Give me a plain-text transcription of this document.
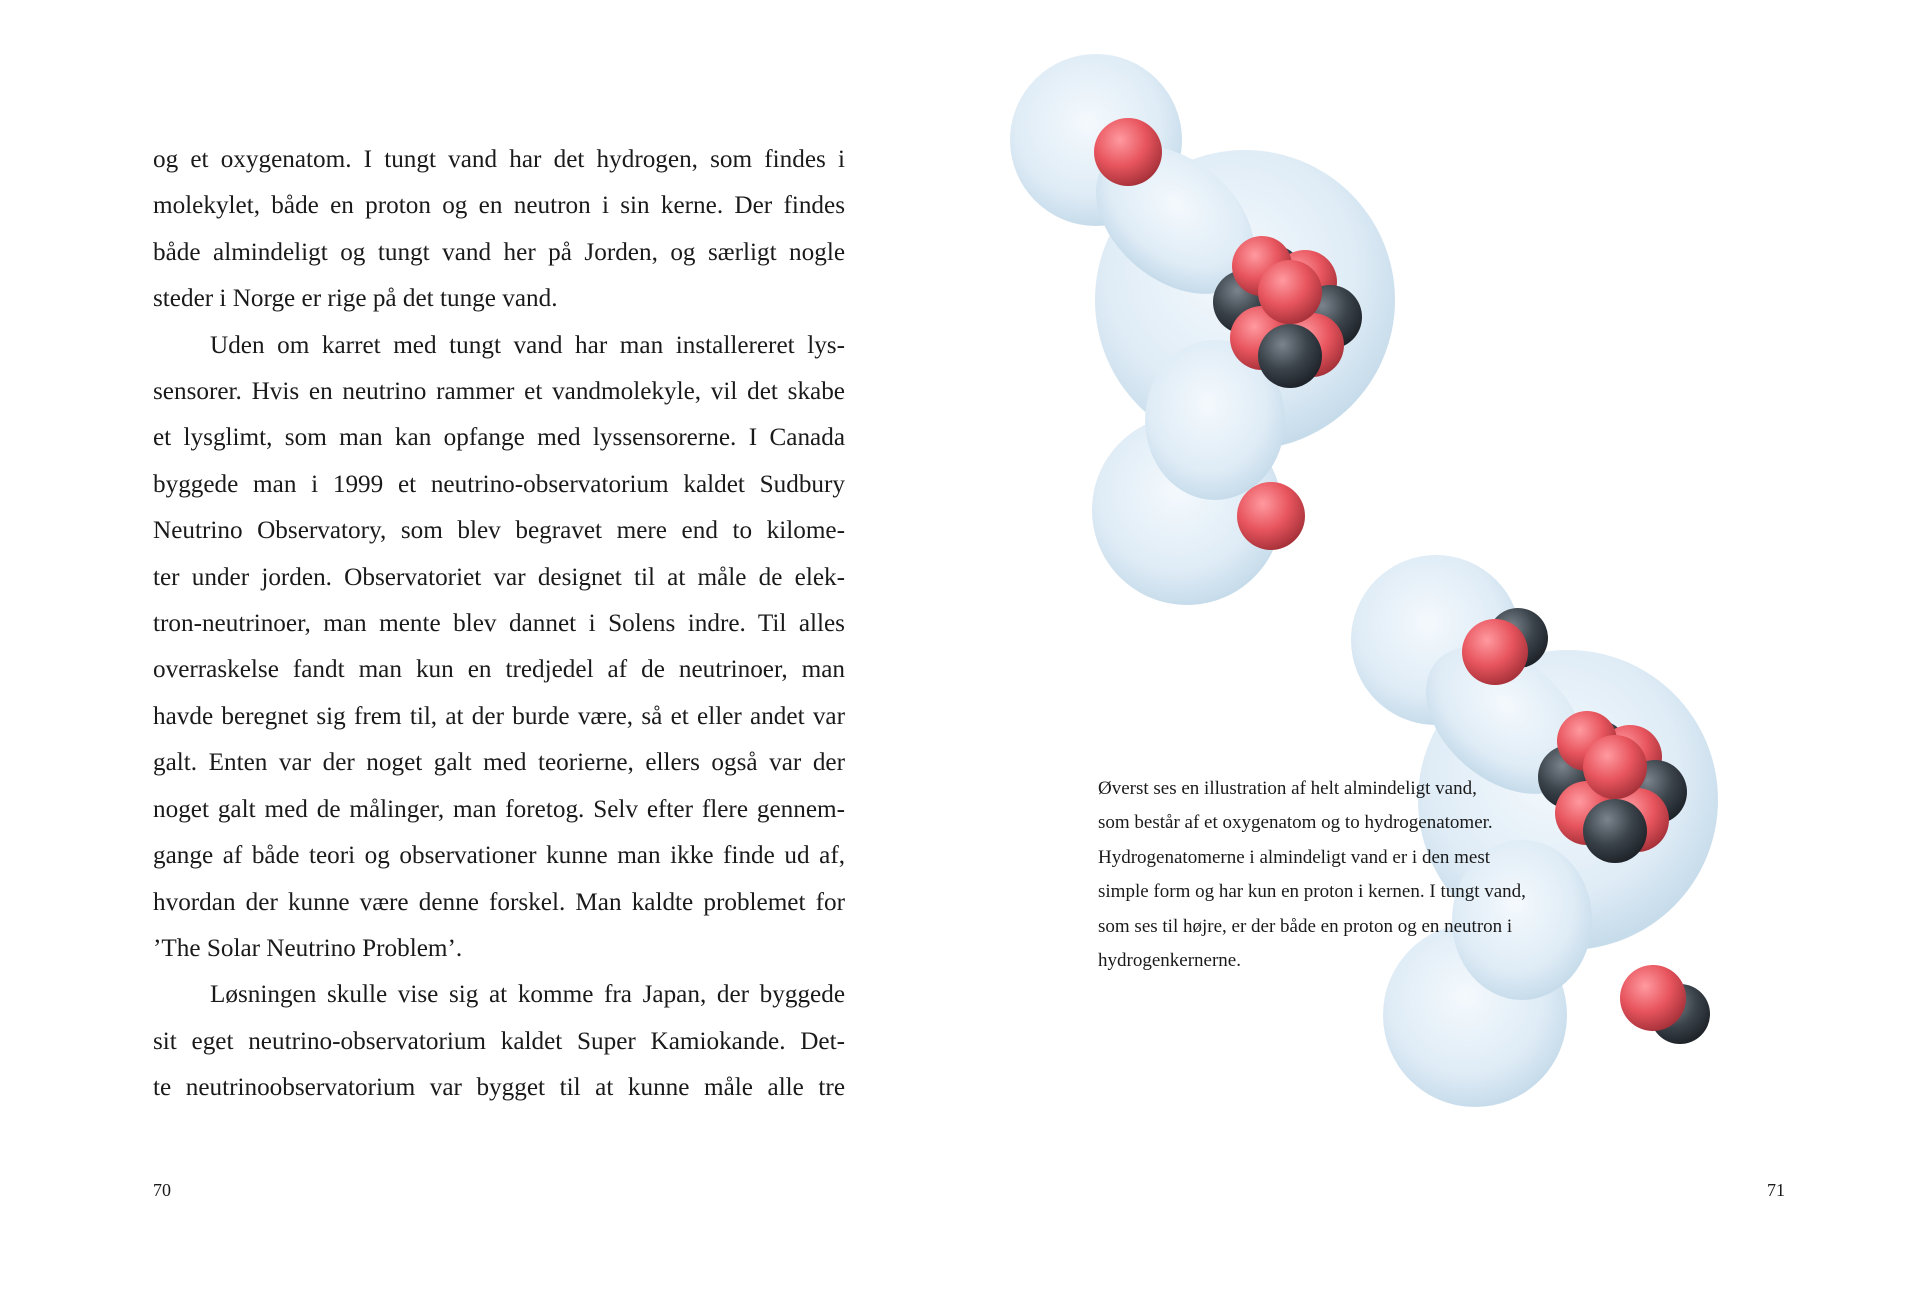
og et oxygenatom. I tungt vand har det hydrogen, som findes i
molekylet, både en proton og en neutron i sin kerne. Der findes
både almindeligt og tungt vand her på Jorden, og særligt nogle
steder i Norge er rige på det tunge vand.
Uden om karret med tungt vand har man installereret lys-
sensorer. Hvis en neutrino rammer et vandmolekyle, vil det skabe
et lysglimt, som man kan opfange med lyssensorerne. I Canada
byggede man i 1999 et neutrino-observatorium kaldet Sudbury
Neutrino Observatory, som blev begravet mere end to kilome-
ter under jorden. Observatoriet var designet til at måle de elek-
tron-neutrinoer, man mente blev dannet i Solens indre. Til alles
overraskelse fandt man kun en tredjedel af de neutrinoer, man
havde beregnet sig frem til, at der burde være, så et eller andet var
galt. Enten var der noget galt med teorierne, ellers også var der
noget galt med de målinger, man foretog. Selv efter flere gennem-
gange af både teori og observationer kunne man ikke finde ud af,
hvordan der kunne være denne forskel. Man kaldte problemet for
’The Solar Neutrino Problem’.
Løsningen skulle vise sig at komme fra Japan, der byggede
sit eget neutrino-observatorium kaldet Super Kamiokande. Det-
te neutrinoobservatorium var bygget til at kunne måle alle tre
70
Øverst ses en illustration af helt almindeligt vand,
som består af et oxygenatom og to hydrogenatomer.
Hydrogenatomerne i almindeligt vand er i den mest
simple form og har kun en proton i kernen. I tungt vand,
som ses til højre, er der både en proton og en neutron i
hydrogenkernerne.
71
